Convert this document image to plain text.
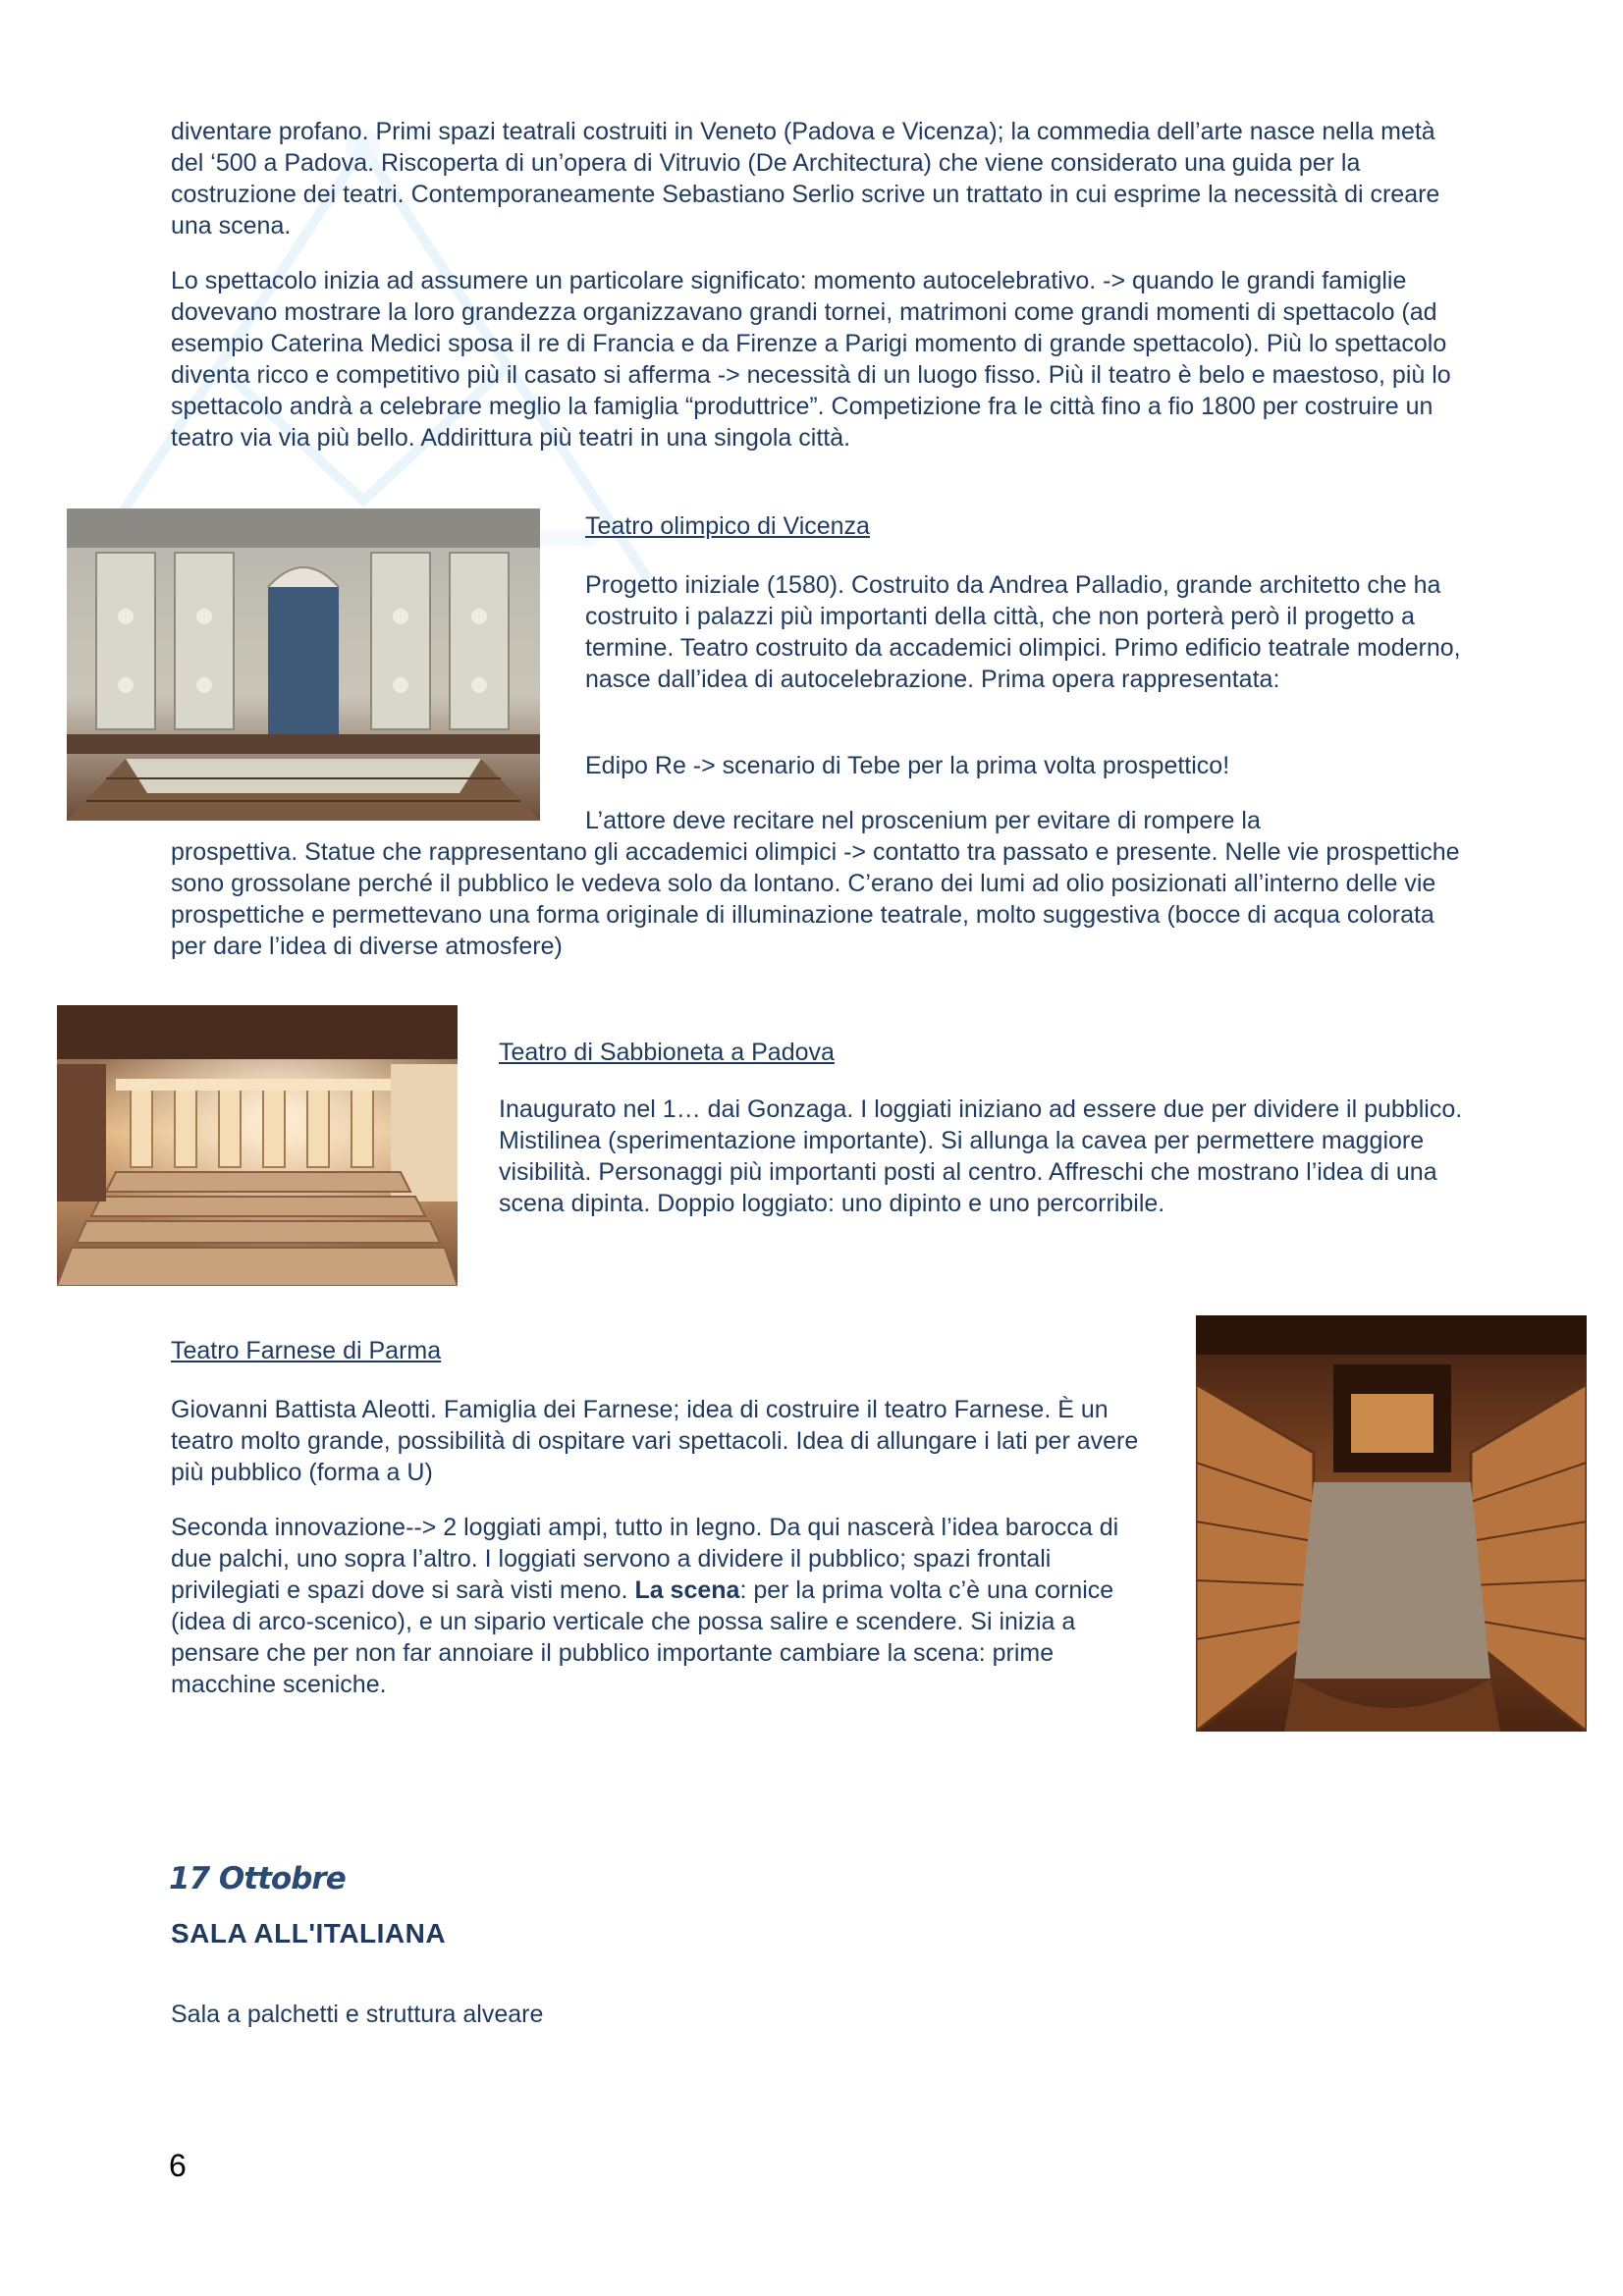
diventare profano. Primi spazi teatrali costruiti in Veneto (Padova e Vicenza); la commedia dell’arte nasce nella metà del ‘500 a Padova. Riscoperta di un’opera di Vitruvio (De Architectura) che viene considerato una guida per la costruzione dei teatri. Contemporaneamente Sebastiano Serlio scrive un trattato in cui esprime la necessità di creare una scena.

Lo spettacolo inizia ad assumere un particolare significato: momento autocelebrativo. -> quando le grandi famiglie dovevano mostrare la loro grandezza organizzavano grandi tornei, matrimoni come grandi momenti di spettacolo (ad esempio Caterina Medici sposa il re di Francia e da Firenze a Parigi momento di grande spettacolo). Più lo spettacolo diventa ricco e competitivo più il casato si afferma -> necessità di un luogo fisso. Più il teatro è belo e maestoso, più lo spettacolo andrà a celebrare meglio la famiglia “produttrice”. Competizione fra le città fino a fio 1800 per costruire un teatro via via più bello. Addirittura più teatri in una singola città.

Teatro olimpico di Vicenza

Progetto iniziale (1580). Costruito da Andrea Palladio, grande architetto che ha costruito i palazzi più importanti della città, che non porterà però il progetto a termine. Teatro costruito da accademici olimpici. Primo edificio teatrale moderno, nasce dall’idea di autocelebrazione. Prima opera rappresentata:

Edipo Re -> scenario di Tebe per la prima volta prospettico!

L’attore deve recitare nel proscenium per evitare di rompere la

prospettiva. Statue che rappresentano gli accademici olimpici -> contatto tra passato e presente. Nelle vie prospettiche sono grossolane perché il pubblico le vedeva solo da lontano. C’erano dei lumi ad olio posizionati all’interno delle vie prospettiche e permettevano una forma originale di illuminazione teatrale, molto suggestiva (bocce di acqua colorata per dare l’idea di diverse atmosfere)

Teatro di Sabbioneta a Padova

Inaugurato nel 1… dai Gonzaga. I loggiati iniziano ad essere due per dividere il pubblico. Mistilinea (sperimentazione importante). Si allunga la cavea per permettere maggiore visibilità. Personaggi più importanti posti al centro. Affreschi che mostrano l’idea di una scena dipinta. Doppio loggiato: uno dipinto e uno percorribile.

Teatro Farnese di Parma

Giovanni Battista Aleotti. Famiglia dei Farnese; idea di costruire il teatro Farnese. È un teatro molto grande, possibilità di ospitare vari spettacoli. Idea di allungare i lati per avere più pubblico (forma a U)

Seconda innovazione--> 2 loggiati ampi, tutto in legno. Da qui nascerà l’idea barocca di due palchi, uno sopra l’altro. I loggiati servono a dividere il pubblico; spazi frontali privilegiati e spazi dove si sarà visti meno. La scena: per la prima volta c’è una cornice (idea di arco-scenico), e un sipario verticale che possa salire e scendere. Si inizia a pensare che per non far annoiare il pubblico importante cambiare la scena: prime macchine sceniche.

17 Ottobre

SALA ALL'ITALIANA

Sala a palchetti e struttura alveare

6
